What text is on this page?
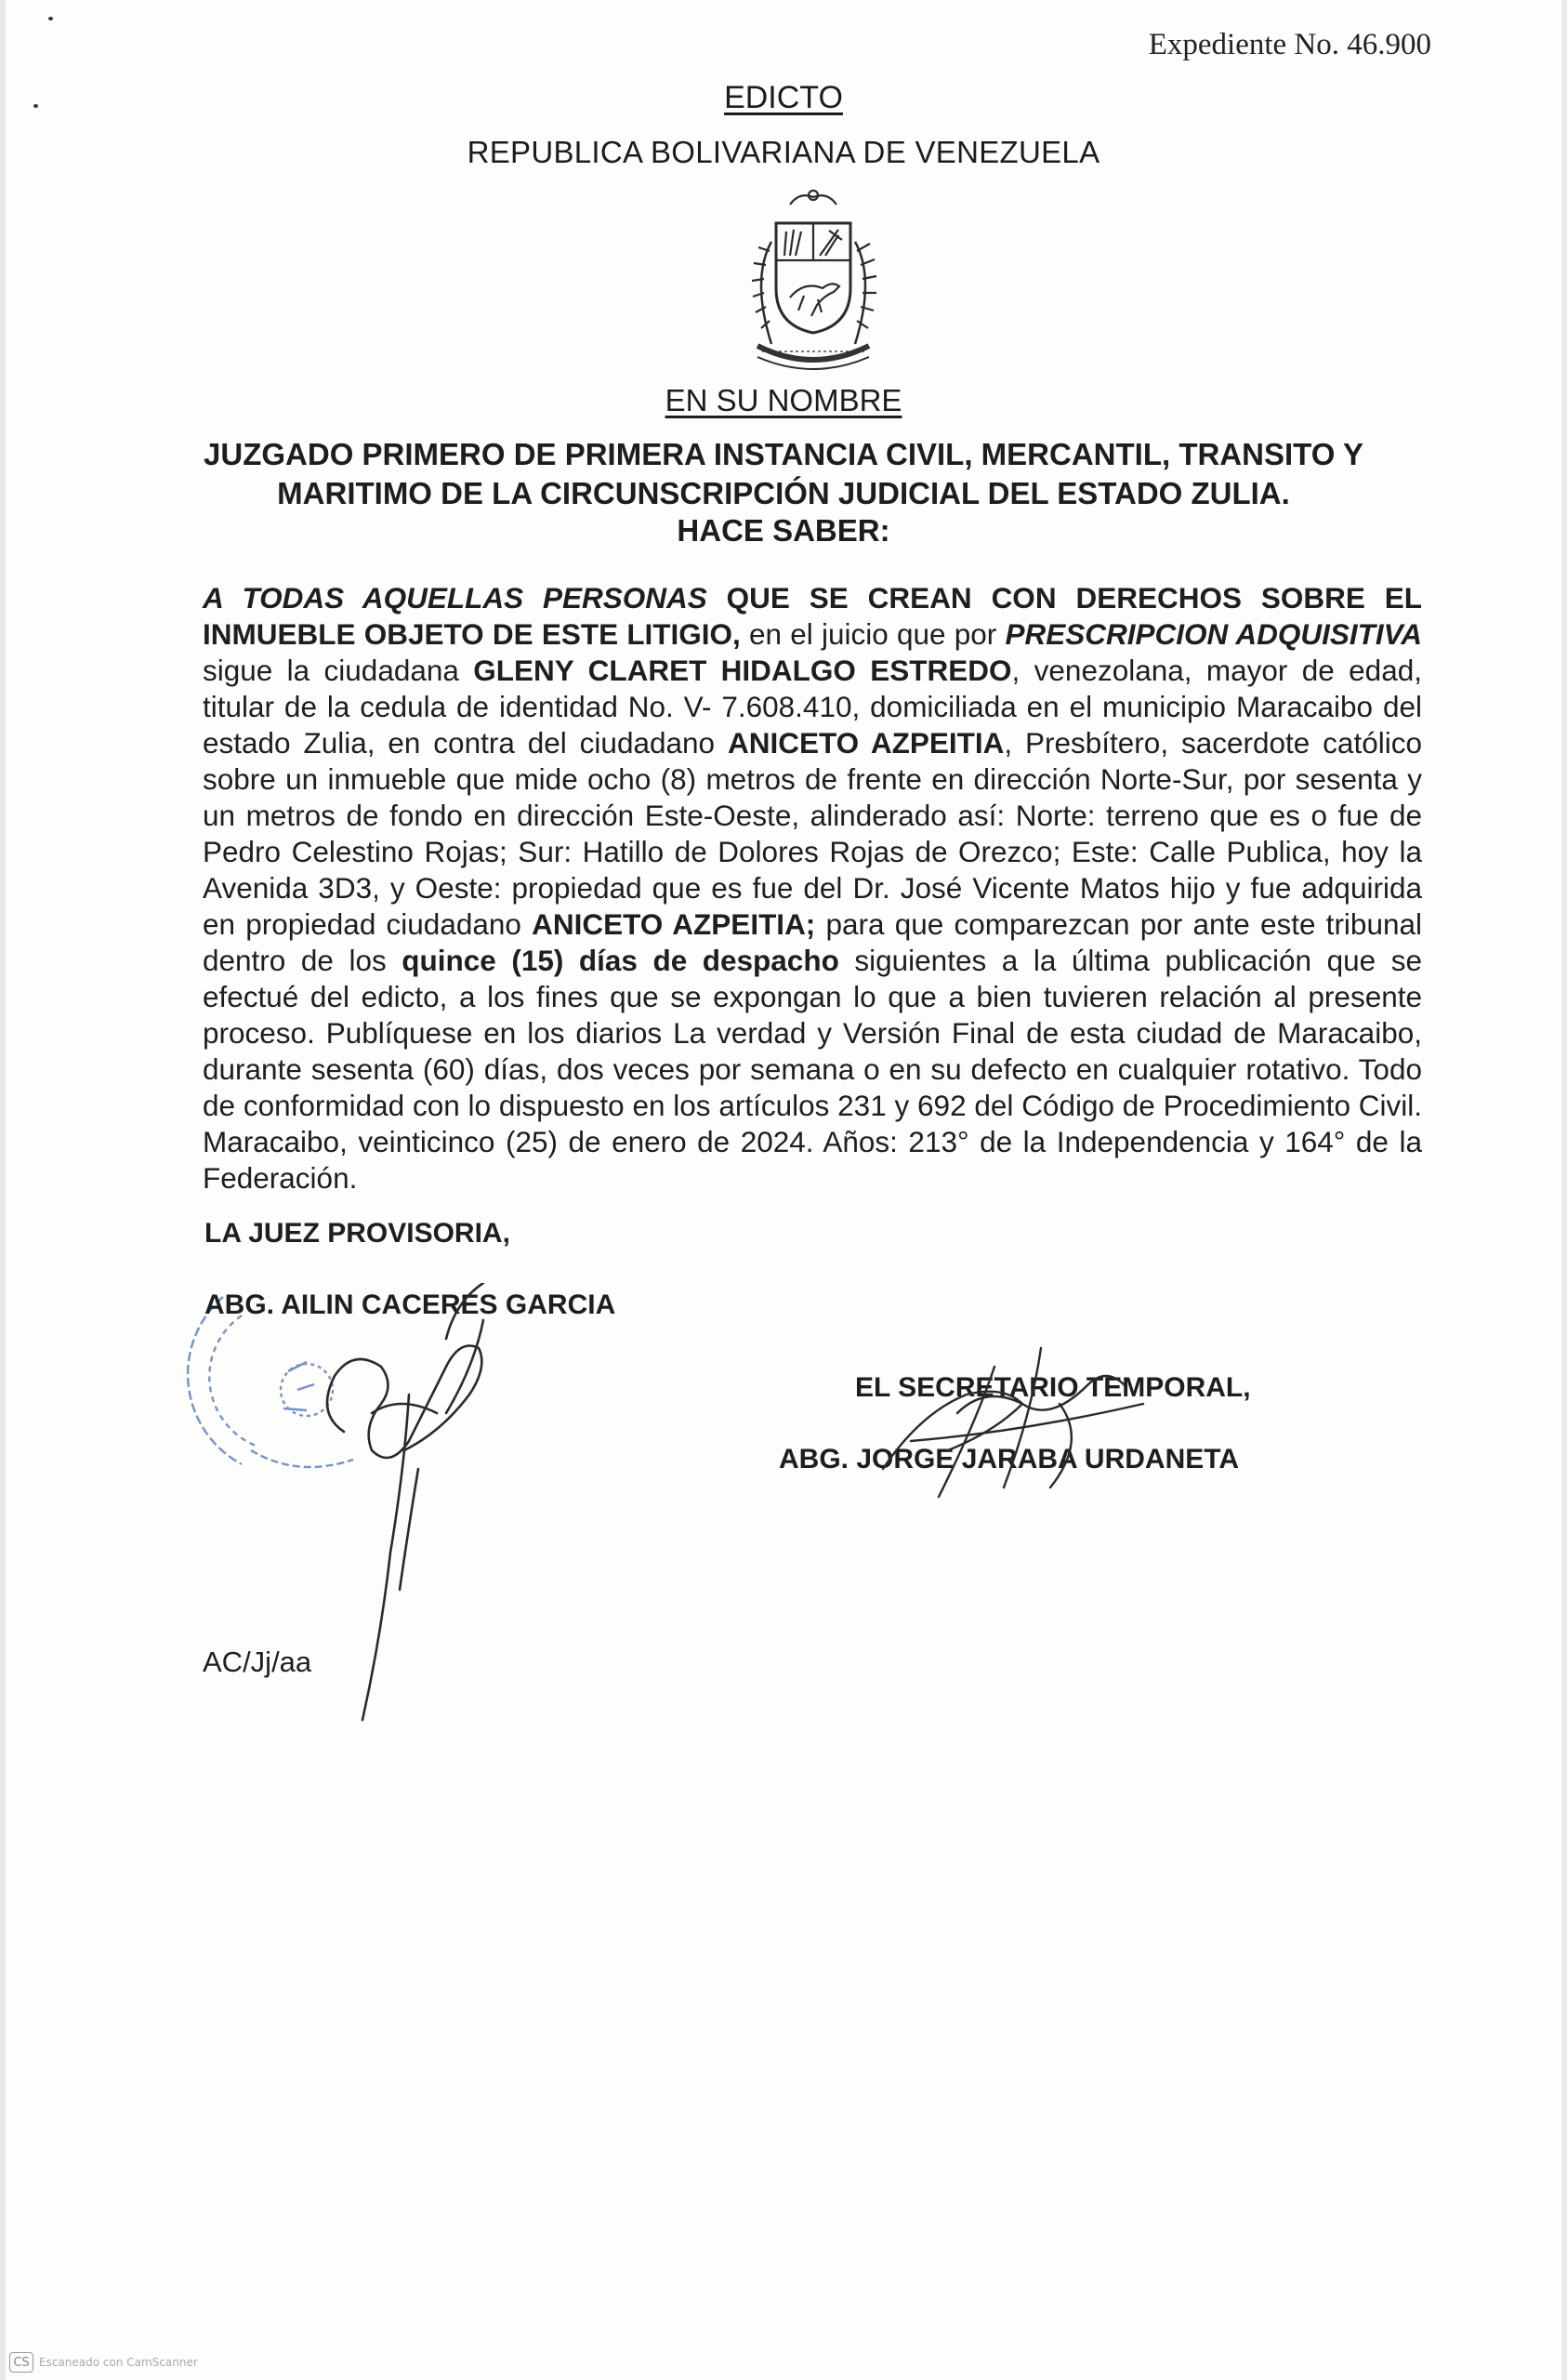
Expediente No. 46.900
EDICTO
REPUBLICA BOLIVARIANA DE VENEZUELA
EN SU NOMBRE
JUZGADO PRIMERO DE PRIMERA INSTANCIA CIVIL, MERCANTIL, TRANSITO Y
MARITIMO DE LA CIRCUNSCRIPCIÓN JUDICIAL DEL ESTADO ZULIA.
HACE SABER:
A TODAS AQUELLAS PERSONAS QUE SE CREAN CON DERECHOS SOBRE EL INMUEBLE OBJETO DE ESTE LITIGIO, en el juicio que por PRESCRIPCION ADQUISITIVA sigue la ciudadana GLENY CLARET HIDALGO ESTREDO, venezolana, mayor de edad, titular de la cedula de identidad No. V- 7.608.410, domiciliada en el municipio Maracaibo del estado Zulia, en contra del ciudadano ANICETO AZPEITIA, Presbítero, sacerdote católico sobre un inmueble que mide ocho (8) metros de frente en dirección Norte-Sur, por sesenta y un metros de fondo en dirección Este-Oeste, alinderado así: Norte: terreno que es o fue de Pedro Celestino Rojas; Sur: Hatillo de Dolores Rojas de Orezco; Este: Calle Publica, hoy la Avenida 3D3, y Oeste: propiedad que es fue del Dr. José Vicente Matos hijo y fue adquirida en propiedad ciudadano ANICETO AZPEITIA; para que comparezcan por ante este tribunal dentro de los quince (15) días de despacho siguientes a la última publicación que se efectué del edicto, a los fines que se expongan lo que a bien tuvieren relación al presente proceso. Publíquese en los diarios La verdad y Versión Final de esta ciudad de Maracaibo, durante sesenta (60) días, dos veces por semana o en su defecto en cualquier rotativo. Todo de conformidad con lo dispuesto en los artículos 231 y 692 del Código de Procedimiento Civil. Maracaibo, veinticinco (25) de enero de 2024. Años: 213° de la Independencia y 164° de la Federación.
LA JUEZ PROVISORIA,
ABG. AILIN CACERES GARCIA
EL SECRETARIO TEMPORAL,
ABG. JORGE JARABA URDANETA
AC/Jj/aa
CS Escaneado con CamScanner
